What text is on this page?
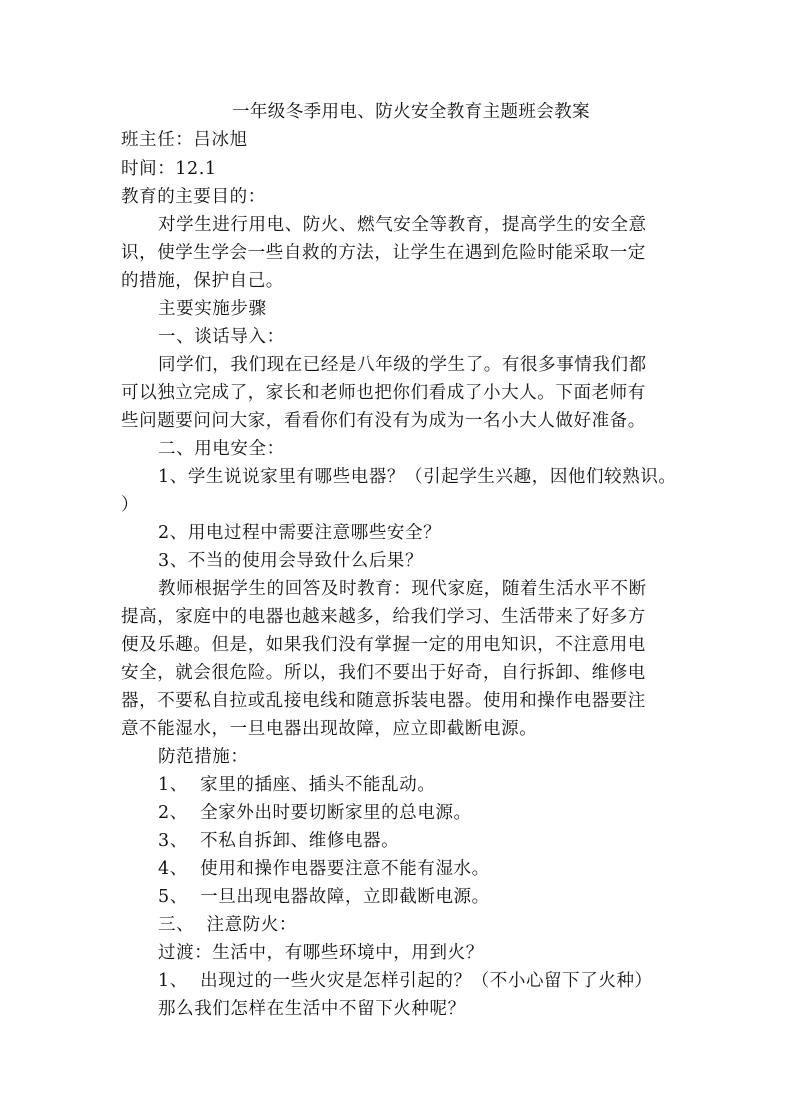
一年级冬季用电、防火安全教育主题班会教案
班主任：吕冰旭
时间：12.1
教育的主要目的：
对学生进行用电、防火、燃气安全等教育，提高学生的安全意
识，使学生学会一些自救的方法，让学生在遇到危险时能采取一定
的措施，保护自己。
主要实施步骤
一、谈话导入：
同学们，我们现在已经是八年级的学生了。有很多事情我们都
可以独立完成了，家长和老师也把你们看成了小大人。下面老师有
些问题要问问大家，看看你们有没有为成为一名小大人做好准备。
二、用电安全：
1、学生说说家里有哪些电器？（引起学生兴趣，因他们较熟识。
）
2、用电过程中需要注意哪些安全？
3、不当的使用会导致什么后果？
教师根据学生的回答及时教育：现代家庭，随着生活水平不断
提高，家庭中的电器也越来越多，给我们学习、生活带来了好多方
便及乐趣。但是，如果我们没有掌握一定的用电知识，不注意用电
安全，就会很危险。所以，我们不要出于好奇，自行拆卸、维修电
器，不要私自拉或乱接电线和随意拆装电器。使用和操作电器要注
意不能湿水，一旦电器出现故障，应立即截断电源。
防范措施：
1、  家里的插座、插头不能乱动。
2、  全家外出时要切断家里的总电源。
3、  不私自拆卸、维修电器。
4、  使用和操作电器要注意不能有湿水。
5、  一旦出现电器故障，立即截断电源。
三、  注意防火：
过渡：生活中，有哪些环境中，用到火？
1、  出现过的一些火灾是怎样引起的？（不小心留下了火种）
那么我们怎样在生活中不留下火种呢？
